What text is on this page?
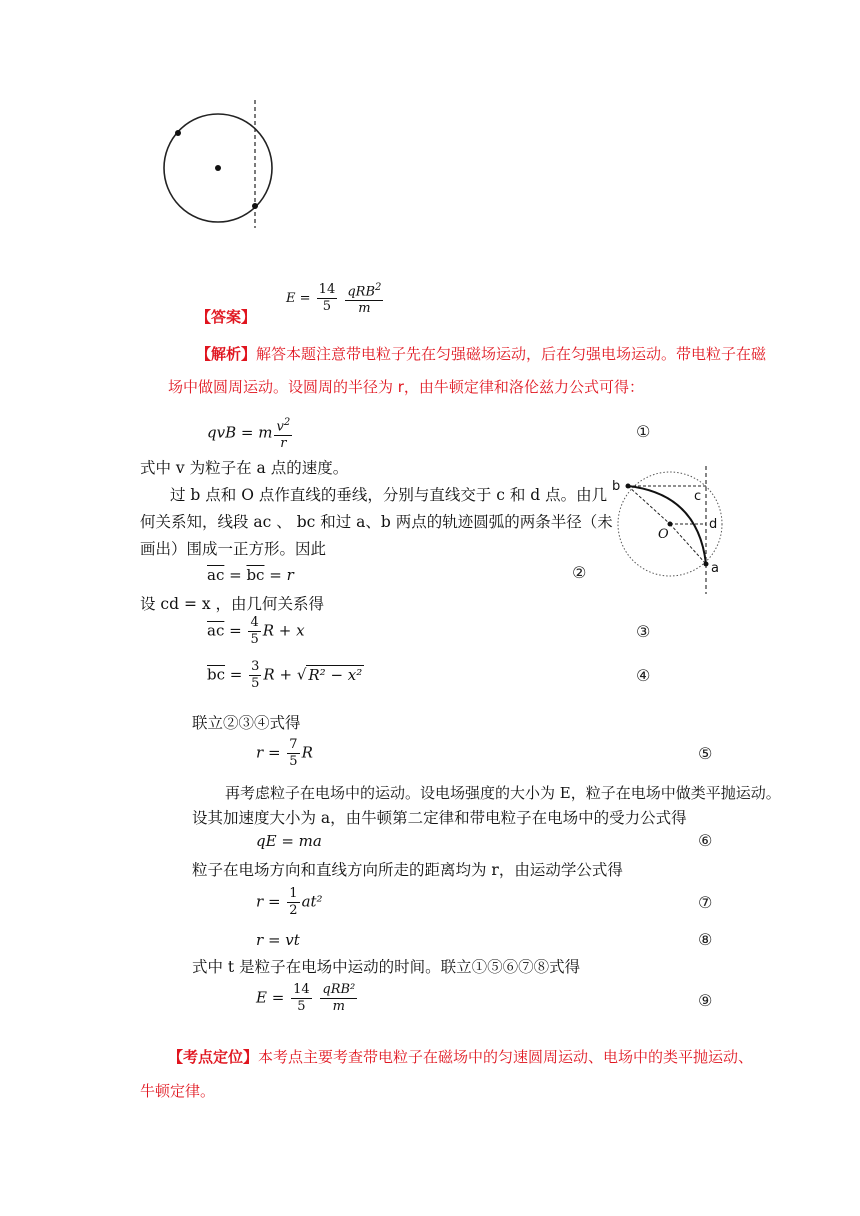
【答案】
$E = \frac{14}{5}$
$\frac{qRB^2}{m}$
【解析】解答本题注意带电粒子先在匀强磁场运动，后在匀强电场运动。带电粒子在磁
场中做圆周运动。设圆周的半径为 r，由牛顿定律和洛伦兹力公式可得：
qvB = m $\frac{v^2}{r}$	①
式中 v 为粒子在 a 点的速度。
过 b 点和 O 点作直线的垂线，分别与直线交于 c 和 d 点。由几
何关系知，线段 ac 、 bc 和过 a、b 两点的轨迹圆弧的两条半径（未
画出）围成一正方形。因此
$\overline{ac} = \overline{bc} = r$	②
b
c
d
O
a
设 cd = x ，由几何关系得
$\overline{ac} = \frac{4}{5}$ R + x	③
$\overline{bc} = \frac{3}{5}$ R + √ R² − x²	④
联立②③④式得
$r = \frac{7}{5}$ R	⑤
再考虑粒子在电场中的运动。设电场强度的大小为 E，粒子在电场中做类平抛运动。
设其加速度大小为 a，由牛顿第二定律和带电粒子在电场中的受力公式得
qE = ma	⑥
粒子在电场方向和直线方向所走的距离均为 r，由运动学公式得
$r = \frac{1}{2} at^2$	⑦
r = vt	⑧
式中 t 是粒子在电场中运动的时间。联立①⑤⑥⑦⑧式得
$E = \frac{14}{5}$
$\frac{\text{qRB²}}{m}$	⑨
【考点定位】本考点主要考查带电粒子在磁场中的匀速圆周运动、电场中的类平抛运动、
牛顿定律。
